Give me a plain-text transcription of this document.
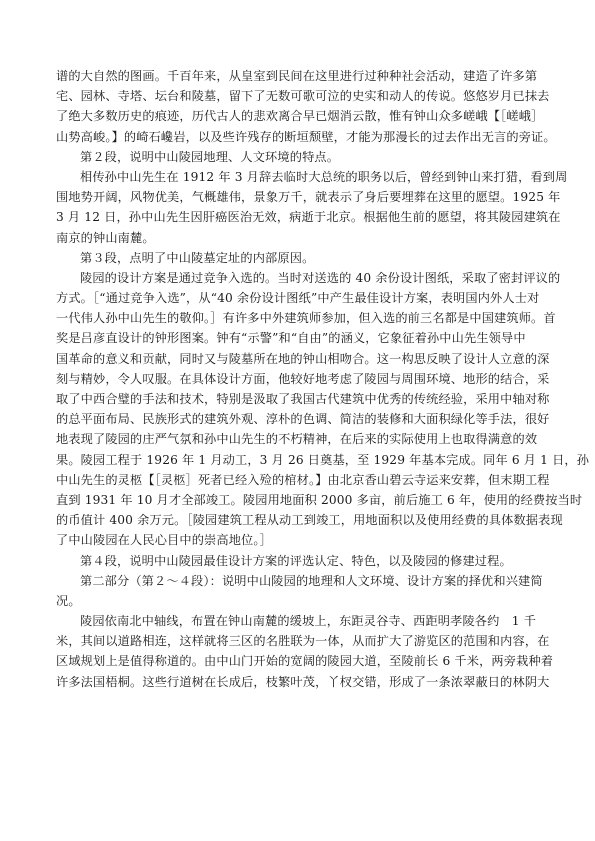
谱的大自然的图画。千百年来，从皇室到民间在这里进行过种种社会活动，建造了许多第
宅、园林、寺塔、坛台和陵墓，留下了无数可歌可泣的史实和动人的传说。悠悠岁月已抹去
了绝大多数历史的痕迹，历代古人的悲欢离合早已烟消云散，惟有钟山众多嵯峨【［嵯峨］
山势高峻。】的崎石巉岩，以及些许残存的断垣颓壁，才能为那漫长的过去作出无言的旁证。
第２段，说明中山陵园地理、人文环境的特点。
相传孙中山先生在 1912 年 3 月辞去临时大总统的职务以后，曾经到钟山来打猎，看到周
围地势开阔，风物优美，气概雄伟，景象万千，就表示了身后要埋葬在这里的愿望。1925 年
3 月 12 日，孙中山先生因肝癌医治无效，病逝于北京。根据他生前的愿望，将其陵园建筑在
南京的钟山南麓。
第３段，点明了中山陵墓定址的内部原因。
陵园的设计方案是通过竞争入选的。当时对送选的 40 余份设计图纸，采取了密封评议的
方式。［“通过竞争入选”，从“40 余份设计图纸”中产生最佳设计方案，表明国内外人士对
一代伟人孙中山先生的敬仰。］有许多中外建筑师参加，但入选的前三名都是中国建筑师。首
奖是吕彦直设计的钟形图案。钟有“示警”和“自由”的涵义，它象征着孙中山先生领导中
国革命的意义和贡献，同时又与陵墓所在地的钟山相吻合。这一构思反映了设计人立意的深
刻与精妙，令人叹服。在具体设计方面，他较好地考虑了陵园与周围环境、地形的结合，采
取了中西合璧的手法和技术，特别是汲取了我国古代建筑中优秀的传统经验，采用中轴对称
的总平面布局、民族形式的建筑外观、淳朴的色调、简洁的装修和大面积绿化等手法，很好
地表现了陵园的庄严气氛和孙中山先生的不朽精神，在后来的实际使用上也取得满意的效
果。陵园工程于 1926 年 1 月动工，3 月 26 日奠基，至 1929 年基本完成。同年 6 月 1 日，孙
中山先生的灵柩【［灵柩］死者已经入殓的棺材。】由北京香山碧云寺运来安葬，但末期工程
直到 1931 年 10 月才全部竣工。陵园用地面积 2000 多亩，前后施工 6 年，使用的经费按当时
的币值计 400 余万元。［陵园建筑工程从动工到竣工，用地面积以及使用经费的具体数据表现
了中山陵园在人民心目中的崇高地位。］
第４段，说明中山陵园最佳设计方案的评选认定、特色，以及陵园的修建过程。
第二部分（第２～４段）：说明中山陵园的地理和人文环境、设计方案的择优和兴建简
况。
陵园依南北中轴线，布置在钟山南麓的缓坡上，东距灵谷寺、西距明孝陵各约　1 千
米，其间以道路相连，这样就将三区的名胜联为一体，从而扩大了游览区的范围和内容，在
区域规划上是值得称道的。由中山门开始的宽阔的陵园大道，至陵前长 6 千米，两旁栽种着
许多法国梧桐。这些行道树在长成后，枝繁叶茂，丫杈交错，形成了一条浓翠蔽日的林阴大
